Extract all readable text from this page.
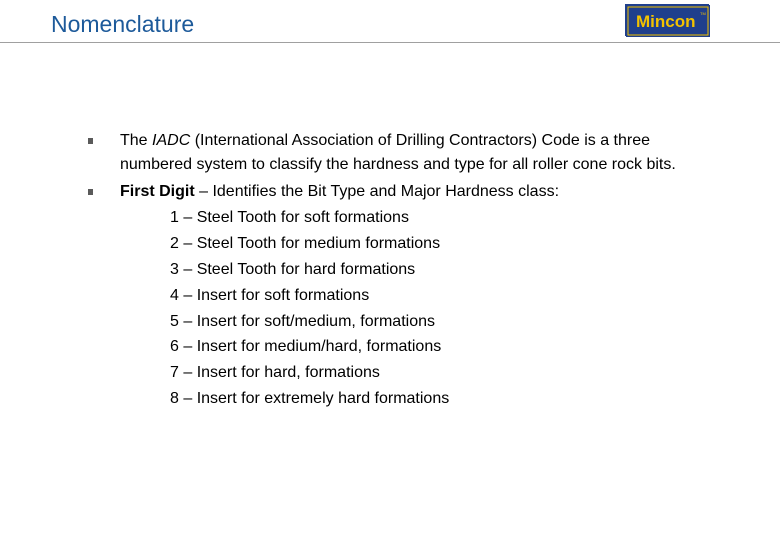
Nomenclature	Mincon TM
The IADC (International Association of Drilling Contractors) Code is a three numbered system to classify the hardness and type for all roller cone rock bits.
First Digit – Identifies the Bit Type and Major Hardness class:
1 – Steel Tooth for soft formations
2 – Steel Tooth for medium formations
3 – Steel Tooth for hard formations
4 – Insert for soft formations
5 – Insert for soft/medium, formations
6 – Insert for medium/hard, formations
7 – Insert for hard, formations
8 – Insert for extremely hard formations
